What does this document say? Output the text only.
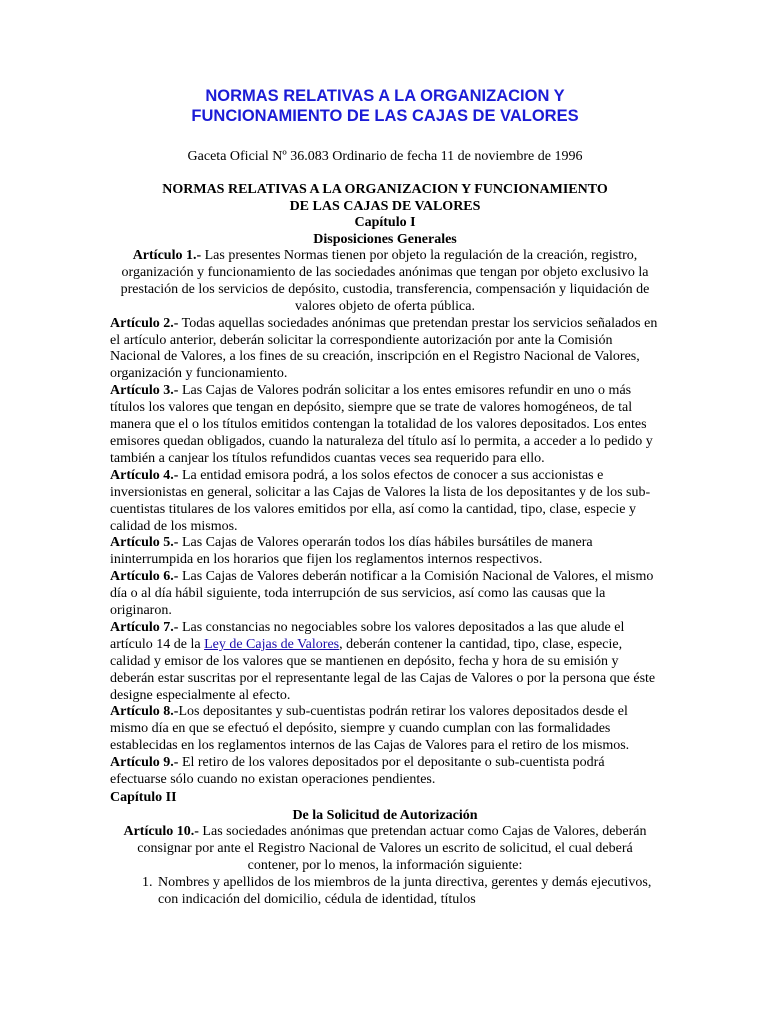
NORMAS RELATIVAS A LA ORGANIZACION Y
FUNCIONAMIENTO DE LAS CAJAS DE VALORES

Gaceta Oficial Nº 36.083 Ordinario de fecha 11 de noviembre de 1996

NORMAS RELATIVAS A LA ORGANIZACION Y FUNCIONAMIENTO
DE LAS CAJAS DE VALORES
Capítulo I
Disposiciones Generales

Artículo 1.- Las presentes Normas tienen por objeto la regulación de la creación, registro, organización y funcionamiento de las sociedades anónimas que tengan por objeto exclusivo la prestación de los servicios de depósito, custodia, transferencia, compensación y liquidación de valores objeto de oferta pública.

Artículo 2.- Todas aquellas sociedades anónimas que pretendan prestar los servicios señalados en el artículo anterior, deberán solicitar la correspondiente autorización por ante la Comisión Nacional de Valores, a los fines de su creación, inscripción en el Registro Nacional de Valores, organización y funcionamiento.

Artículo 3.- Las Cajas de Valores podrán solicitar a los entes emisores refundir en uno o más títulos los valores que tengan en depósito, siempre que se trate de valores homogéneos, de tal manera que el o los títulos emitidos contengan la totalidad de los valores depositados. Los entes emisores quedan obligados, cuando la naturaleza del título así lo permita, a acceder a lo pedido y también a canjear los títulos refundidos cuantas veces sea requerido para ello.

Artículo 4.- La entidad emisora podrá, a los solos efectos de conocer a sus accionistas e inversionistas en general, solicitar a las Cajas de Valores la lista de los depositantes y de los sub-cuentistas titulares de los valores emitidos por ella, así como la cantidad, tipo, clase, especie y calidad de los mismos.

Artículo 5.- Las Cajas de Valores operarán todos los días hábiles bursátiles de manera ininterrumpida en los horarios que fijen los reglamentos internos respectivos.

Artículo 6.- Las Cajas de Valores deberán notificar a la Comisión Nacional de Valores, el mismo día o al día hábil siguiente, toda interrupción de sus servicios, así como las causas que la originaron.

Artículo 7.- Las constancias no negociables sobre los valores depositados a las que alude el artículo 14 de la Ley de Cajas de Valores, deberán contener la cantidad, tipo, clase, especie, calidad y emisor de los valores que se mantienen en depósito, fecha y hora de su emisión y deberán estar suscritas por el representante legal de las Cajas de Valores o por la persona que éste designe especialmente al efecto.

Artículo 8.-Los depositantes y sub-cuentistas podrán retirar los valores depositados desde el mismo día en que se efectuó el depósito, siempre y cuando cumplan con las formalidades establecidas en los reglamentos internos de las Cajas de Valores para el retiro de los mismos.

Artículo 9.- El retiro de los valores depositados por el depositante o sub-cuentista podrá efectuarse sólo cuando no existan operaciones pendientes.

Capítulo II

De la Solicitud de Autorización

Artículo 10.- Las sociedades anónimas que pretendan actuar como Cajas de Valores, deberán consignar por ante el Registro Nacional de Valores un escrito de solicitud, el cual deberá contener, por lo menos, la información siguiente:

1. Nombres y apellidos de los miembros de la junta directiva, gerentes y demás ejecutivos, con indicación del domicilio, cédula de identidad, títulos
